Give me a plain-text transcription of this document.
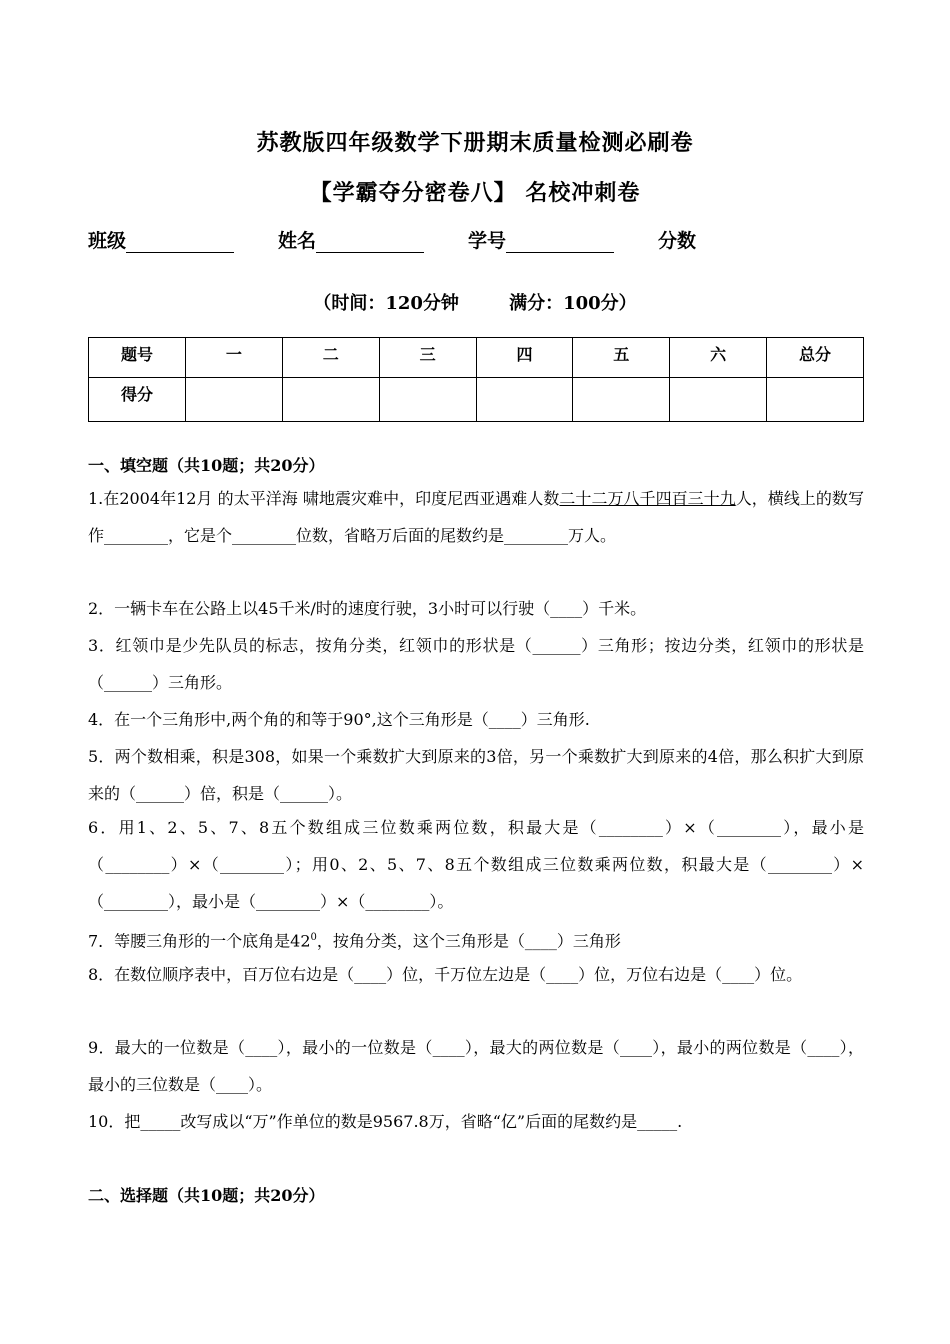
苏教版四年级数学下册期末质量检测必刷卷
【学霸夺分密卷八】 名校冲刺卷
班级	姓名	学号	分数
（时间：120分钟        满分：100分）
题号	一	二	三	四	五	六	总分
得分							
一、填空题（共10题；共20分）
1.在2004年12月 的太平洋海 啸地震灾难中，印度尼西亚遇难人数二十二万八千四百三十九人，横线上的数写作________，它是个________位数，省略万后面的尾数约是________万人。
2．一辆卡车在公路上以45千米/时的速度行驶，3小时可以行驶（____）千米。
3．红领巾是少先队员的标志，按角分类，红领巾的形状是（______）三角形；按边分类，红领巾的形状是（______）三角形。
4．在一个三角形中,两个角的和等于90°,这个三角形是（____）三角形.
5．两个数相乘，积是308，如果一个乘数扩大到原来的3倍，另一个乘数扩大到原来的4倍，那么积扩大到原来的（______）倍，积是（______）。
6．用1、2、5、7、8五个数组成三位数乘两位数，积最大是（________）×（________），最小是（________）×（________）；用0、2、5、7、8五个数组成三位数乘两位数，积最大是（________）×（________），最小是（________）×（________）。
7．等腰三角形的一个底角是$42^0$，按角分类，这个三角形是（____）三角形
8．在数位顺序表中，百万位右边是（____）位，千万位左边是（____）位，万位右边是（____）位。
9．最大的一位数是（____），最小的一位数是（____），最大的两位数是（____），最小的两位数是（____），最小的三位数是（____）。
10．把_____改写成以“万”作单位的数是9567.8万，省略“亿”后面的尾数约是_____.
二、选择题（共10题；共20分）
